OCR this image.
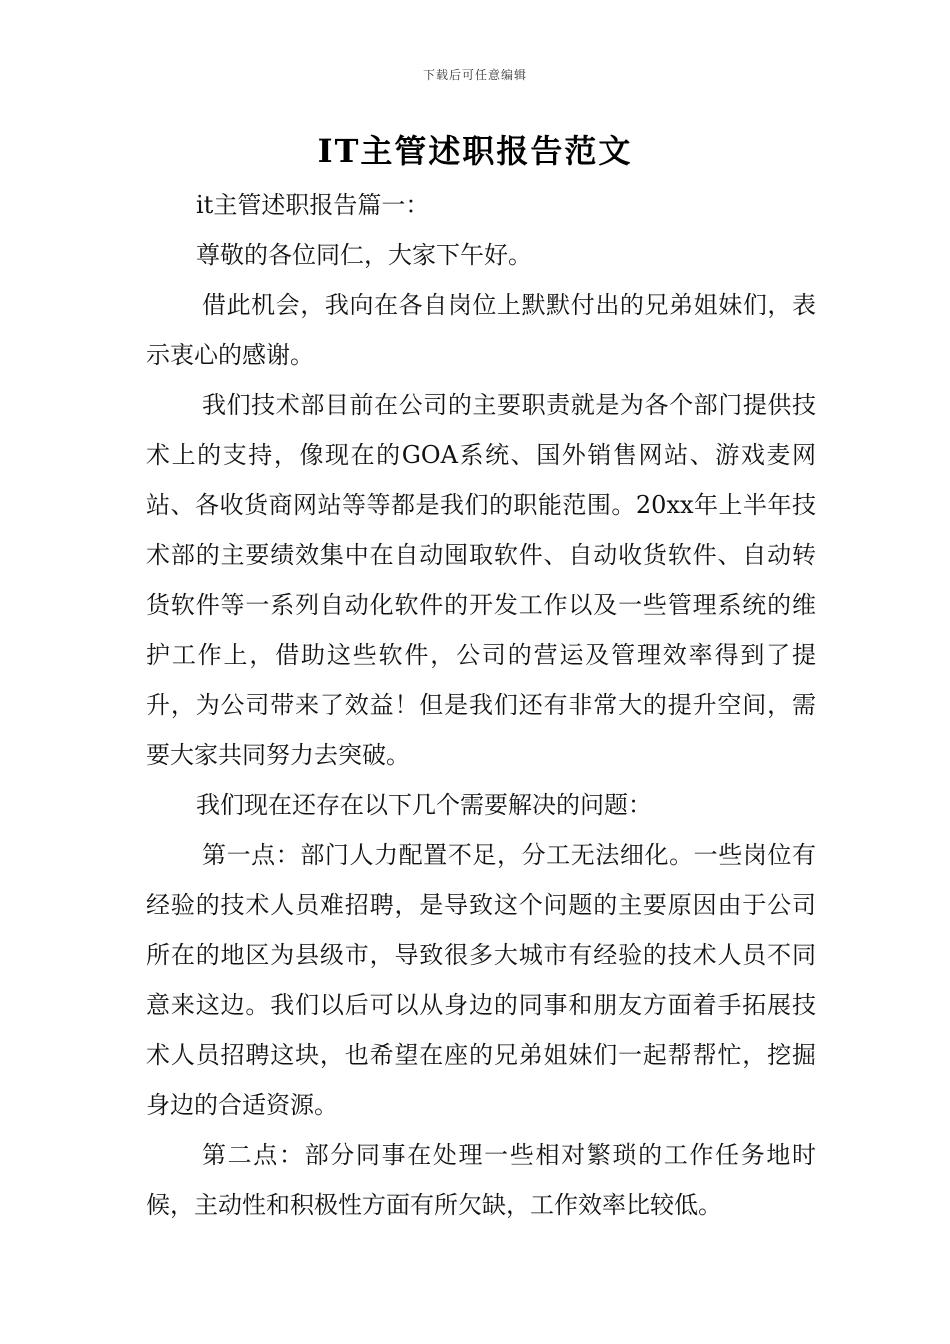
下载后可任意编辑
IT主管述职报告范文

it主管述职报告篇一：

尊敬的各位同仁，大家下午好。

借此机会，我向在各自岗位上默默付出的兄弟姐妹们，表示衷心的感谢。

我们技术部目前在公司的主要职责就是为各个部门提供技术上的支持，像现在的GOA系统、国外销售网站、游戏麦网站、各收货商网站等等都是我们的职能范围。20xx年上半年技术部的主要绩效集中在自动囤取软件、自动收货软件、自动转货软件等一系列自动化软件的开发工作以及一些管理系统的维护工作上，借助这些软件，公司的营运及管理效率得到了提升，为公司带来了效益！但是我们还有非常大的提升空间，需要大家共同努力去突破。

我们现在还存在以下几个需要解决的问题：

第一点：部门人力配置不足，分工无法细化。一些岗位有经验的技术人员难招聘，是导致这个问题的主要原因由于公司所在的地区为县级市，导致很多大城市有经验的技术人员不同意来这边。我们以后可以从身边的同事和朋友方面着手拓展技术人员招聘这块，也希望在座的兄弟姐妹们一起帮帮忙，挖掘身边的合适资源。

第二点：部分同事在处理一些相对繁琐的工作任务地时候，主动性和积极性方面有所欠缺，工作效率比较低。
